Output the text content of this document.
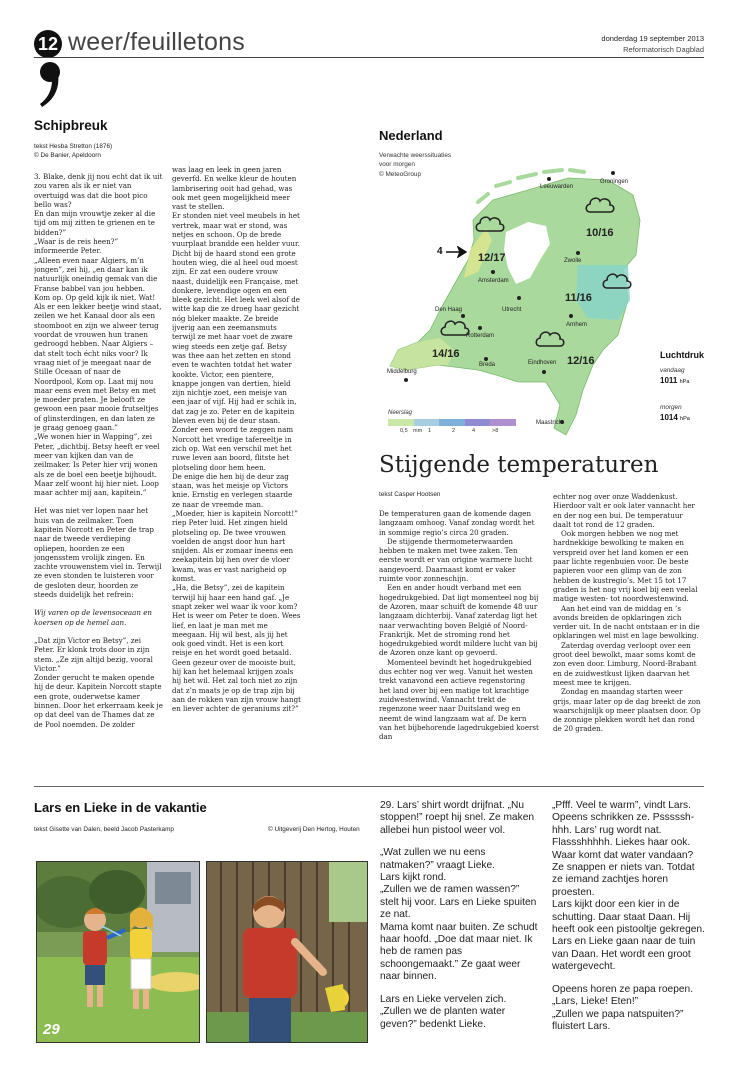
12 weer/feuilletons	donderdag 19 september 2013
Reformatorisch Dagblad
Schipbreuk
tekst Hesba Stretton (1876)
© De Banier, Apeldoorn

3. Blake, denk jij nou echt dat ik uit zou varen als ik er niet van overtuigd was dat die boot pico bello was?

En dan mijn vrouwtje zeker al die tijd om mij zitten te grienen en te bidden?”

„Waar is de reis heen?” informeerde Peter.

„Alleen even naar Algiers, m’n jongen”, zei hij, „en daar kan ik natuurlijk oneindig gemak van die Franse babbel van jou hebben. Kom op. Op geld kijk ik niet. Wat! Als er een lekker beetje wind staat, zeilen we het Kanaal door als een stoomboot en zijn we alweer terug voordat de vrouwen hun tranen gedroogd hebben. Naar Algiers – dat stelt toch écht niks voor? Ik vraag niet of je meegaat naar de Stille Oceaan of naar de Noordpool, Kom op. Laat mij nou maar eens even met Betsy en met je moeder praten. Je belooft ze gewoon een paar mooie frutseltjes of glinsterdingen, en dan laten ze je graag genoeg gaan.”

„We wonen hier in Wapping”, zei Peter, „dichtbij. Betsy heeft er veel meer van kijken dan van de zeilmaker. Is Peter hier vrij wonen als ze de boel een beetje bijhoudt. Maar zelf woont hij hier niet. Loop maar achter mij aan, kapitein.”

Het was niet ver lopen naar het huis van de zeilmaker. Toen kapitein Norcott en Peter de trap naar de tweede verdieping opliepen, hoorden ze een jongensstem vrolijk zingen. En zachte vrouwenstem viel in. Terwijl ze even stonden te luisteren voor de gesloten deur, hoorden ze steeds duidelijk het refrein:

Wij varen op de levensoceaan en koersen op de hemel aan.

„Dat zijn Victor en Betsy”, zei Peter. Er klonk trots door in zijn stem. „Ze zijn altijd bezig, vooral Victor.”

Zonder gerucht te maken opende hij de deur. Kapitein Norcott stapte een grote, ouderwetse kamer binnen. Door het erkerraam keek je op dat deel van de Thames dat ze de Pool noemden. De zolder

was laag en leek in geen jaren geverfd. En welke kleur de houten lambrisering ooit had gehad, was ook met geen mogelijkheid meer vast te stellen.

Er stonden niet veel meubels in het vertrek, maar wat er stond, was netjes en schoon. Op de brede vuurplaat brandde een helder vuur. Dicht bij de haard stond een grote houten wieg, die al heel oud moest zijn. Er zat een oudere vrouw naast, duidelijk een Française, met donkere, levendige ogen en een bleek gezicht. Het leek wel alsof de witte kap die ze droeg haar gezicht nóg bleker maakte. Ze breide ijverig aan een zeemansmuts terwijl ze met haar voet de zware wieg steeds een zetje gaf. Betsy was thee aan het zetten en stond even te wachten totdat het water kookte. Victor, een pientere, knappe jongen van dertien, hield zijn nichtje zoet, een meisje van een jaar of vijf. Hij had er schik in, dat zag je zo. Peter en de kapitein bleven even bij de deur staan. Zonder een woord te zeggen nam Norcott het vredige tafereeltje in zich op. Wat een verschil met het ruwe leven aan boord, flitste het plotseling door hem heen.

De enige die hen bij de deur zag staan, was het meisje op Victors knie. Ernstig en verlegen staarde ze naar de vreemde man.

„Moeder, hier is kapitein Norcott!” riep Peter luid. Het zingen hield plotseling op. De twee vrouwen voelden de angst door hun hart snijden. Als er zomaar ineens een zeekapitein bij hen over de vloer kwam, was er vast narigheid op komst.

„Ha, die Betsy”, zei de kapitein terwijl hij haar een hand gaf. „Je snapt zeker wel waar ik voor kom? Het is weer om Peter te doen. Wees lief, en laat je man met me meegaan. Hij wil best, als jij het ook goed vindt. Het is een kort reisje en het wordt goed betaald. Geen gezeur over de mooiste buit, hij kan het helemaal krijgen zoals hij het wil. Het zal toch niet zo zijn dat z’n maats je op de trap zijn bij aan de rokken van zijn vrouw hangt en liever achter de geraniums zit?”

Nederland
Verwachte weerssituaties voor morgen
© MeteoGroup
4
12/17
10/16
11/16
14/16
12/16
Leeuwarden
Groningen
Zwolle
Amsterdam
Den Haag	Utrecht
Arnhem
Rotterdam
Breda	Eindhoven
Middelburg
Maastricht
Luchtdruk
vandaag
1011 hPa
morgen
1014 hPa
Neerslag
0,5 mm 1	2	4	>8
Stijgende temperaturen
tekst Casper Hootsen

De temperaturen gaan de komende dagen langzaam omhoog. Vanaf zondag wordt het in sommige regio’s circa 20 graden.

De stijgende thermometerwaarden hebben te maken met twee zaken. Ten eerste wordt er van origine warmere lucht aangevoerd. Daarnaast komt er vaker ruimte voor zonneschijn.

Een en ander houdt verband met een hogedrukgebied. Dat ligt momenteel nog bij de Azoren, maar schuift de komende 48 uur langzaam dichterbij. Vanaf zaterdag ligt het naar verwachting boven België of Noord-Frankrijk. Met de stroming rond het hogedrukgebied wordt mildere lucht van bij de Azoren onze kant op gevoerd.

Momenteel bevindt het hogedrukgebied dus echter nog ver weg. Vanuit het westen trekt vanavond een actieve regenstoring het land over bij een matige tot krachtige zuidwestenwind. Vannacht trekt de regenzone weer naar Duitsland weg en neemt de wind langzaam wat af. De kern van het bijbehorende lagedrukgebied koerst dan

echter nog over onze Waddenkust. Hierdoor valt er ook later vannacht her en der nog een bui. De temperatuur daalt tot rond de 12 graden.

Ook morgen hebben we nog met hardnekkige bewolking te maken en verspreid over het land komen er een paar lichte regenbuien voor. De beste papieren voor een glimp van de zon hebben de kustregio’s. Met 15 tot 17 graden is het nog vrij koel bij een veelal matige westen- tot noordwestenwind.

Aan het eind van de middag en ’s avonds breiden de opklaringen zich verder uit. In de nacht ontstaan er in die opklaringen wel mist en lage bewolking.

Zaterdag overdag verloopt over een groot deel bewolkt, maar soms komt de zon even door. Limburg, Noord-Brabant en de zuidwestkust lijken daarvan het meest mee te krijgen.

Zondag en maandag starten weer grijs, maar later op de dag breekt de zon waarschijnlijk op meer plaatsen door. Op de zonnige plekken wordt het dan rond de 20 graden.

Lars en Lieke in de vakantie
tekst Gisette van Dalen, beeld Jacob Pasterkamp	© Uitgeverij Den Hertog, Houten
29

29. Lars’ shirt wordt drijfnat. „Nu stoppen!” roept hij snel. Ze maken allebei hun pistool weer vol.

„Wat zullen we nu eens natmaken?” vraagt Lieke.

Lars kijkt rond.

„Zullen we de ramen wassen?” stelt hij voor. Lars en Lieke spuiten ze nat.

Mama komt naar buiten. Ze schudt haar hoofd. „Doe dat maar niet. Ik heb de ramen pas schoongemaakt.” Ze gaat weer naar binnen.

Lars en Lieke vervelen zich. „Zullen we de planten water geven?” bedenkt Lieke.

„Pfff. Veel te warm”, vindt Lars. Opeens schrikken ze. Psssssh-hhh. Lars’ rug wordt nat. Flassshhhhh. Liekes haar ook. Waar komt dat water vandaan? Ze snappen er niets van. Totdat ze iemand zachtjes horen proesten.

Lars kijkt door een kier in de schutting. Daar staat Daan. Hij heeft ook een pistooltje gekregen.

Lars en Lieke gaan naar de tuin van Daan. Het wordt een groot watergevecht.

Opeens horen ze papa roepen. „Lars, Lieke! Eten!”

„Zullen we papa natspuiten?” fluistert Lars.
